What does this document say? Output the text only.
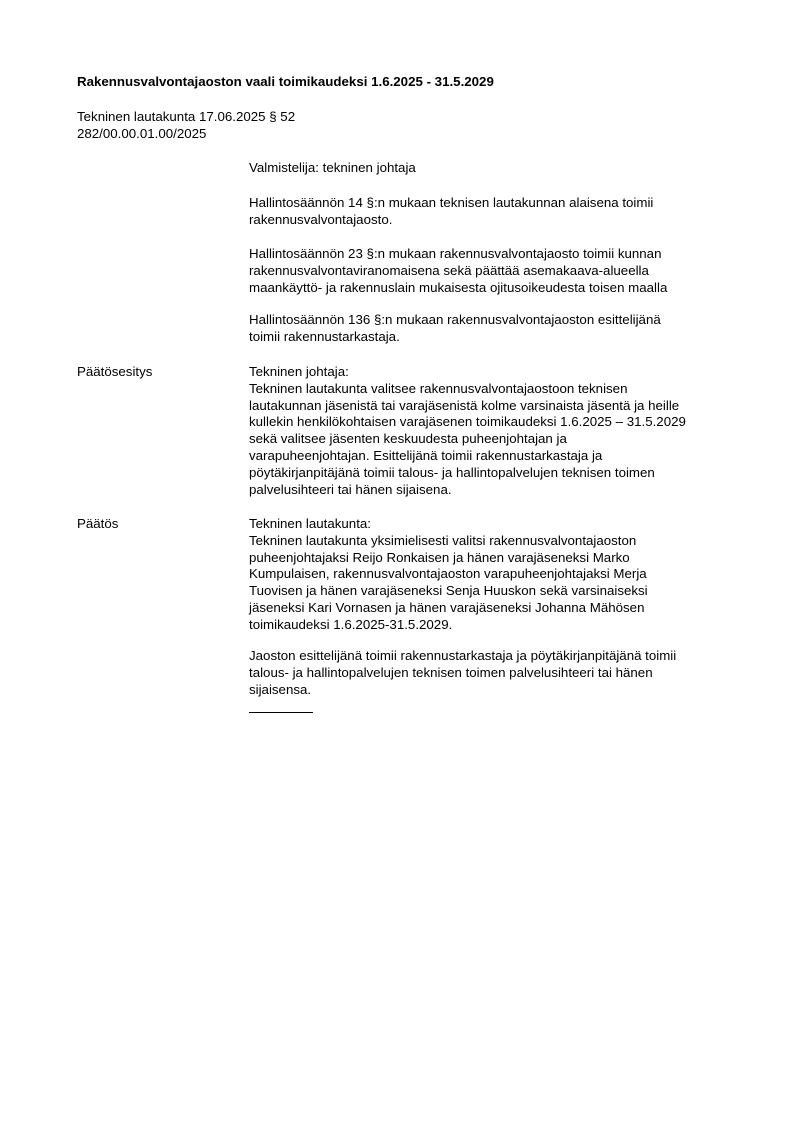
Rakennusvalvontajaoston vaali toimikaudeksi 1.6.2025 - 31.5.2029
Tekninen lautakunta 17.06.2025 § 52
282/00.00.01.00/2025
Valmistelija: tekninen johtaja
Hallintosäännön 14 §:n mukaan teknisen lautakunnan alaisena toimii
rakennusvalvontajaosto.
Hallintosäännön 23 §:n mukaan rakennusvalvontajaosto toimii kunnan
rakennusvalvontaviranomaisena sekä päättää asemakaava-alueella
maankäyttö- ja rakennuslain mukaisesta ojitusoikeudesta toisen maalla
Hallintosäännön 136 §:n mukaan rakennusvalvontajaoston esittelijänä
toimii rakennustarkastaja.
Päätösesitys	Tekninen johtaja:
Tekninen lautakunta valitsee rakennusvalvontajaostoon teknisen
lautakunnan jäsenistä tai varajäsenistä kolme varsinaista jäsentä ja heille
kullekin henkilökohtaisen varajäsenen toimikaudeksi 1.6.2025 – 31.5.2029
sekä valitsee jäsenten keskuudesta puheenjohtajan ja
varapuheenjohtajan. Esittelijänä toimii rakennustarkastaja ja
pöytäkirjanpitäjänä toimii talous- ja hallintopalvelujen teknisen toimen
palvelusihteeri tai hänen sijaisena.
Päätös	Tekninen lautakunta:
Tekninen lautakunta yksimielisesti valitsi rakennusvalvontajaoston
puheenjohtajaksi Reijo Ronkaisen ja hänen varajäseneksi Marko
Kumpulaisen, rakennusvalvontajaoston varapuheenjohtajaksi Merja
Tuovisen ja hänen varajäseneksi Senja Huuskon sekä varsinaiseksi
jäseneksi Kari Vornasen ja hänen varajäseneksi Johanna Mähösen
toimikaudeksi 1.6.2025-31.5.2029.
Jaoston esittelijänä toimii rakennustarkastaja ja pöytäkirjanpitäjänä toimii
talous- ja hallintopalvelujen teknisen toimen palvelusihteeri tai hänen
sijaisensa.
